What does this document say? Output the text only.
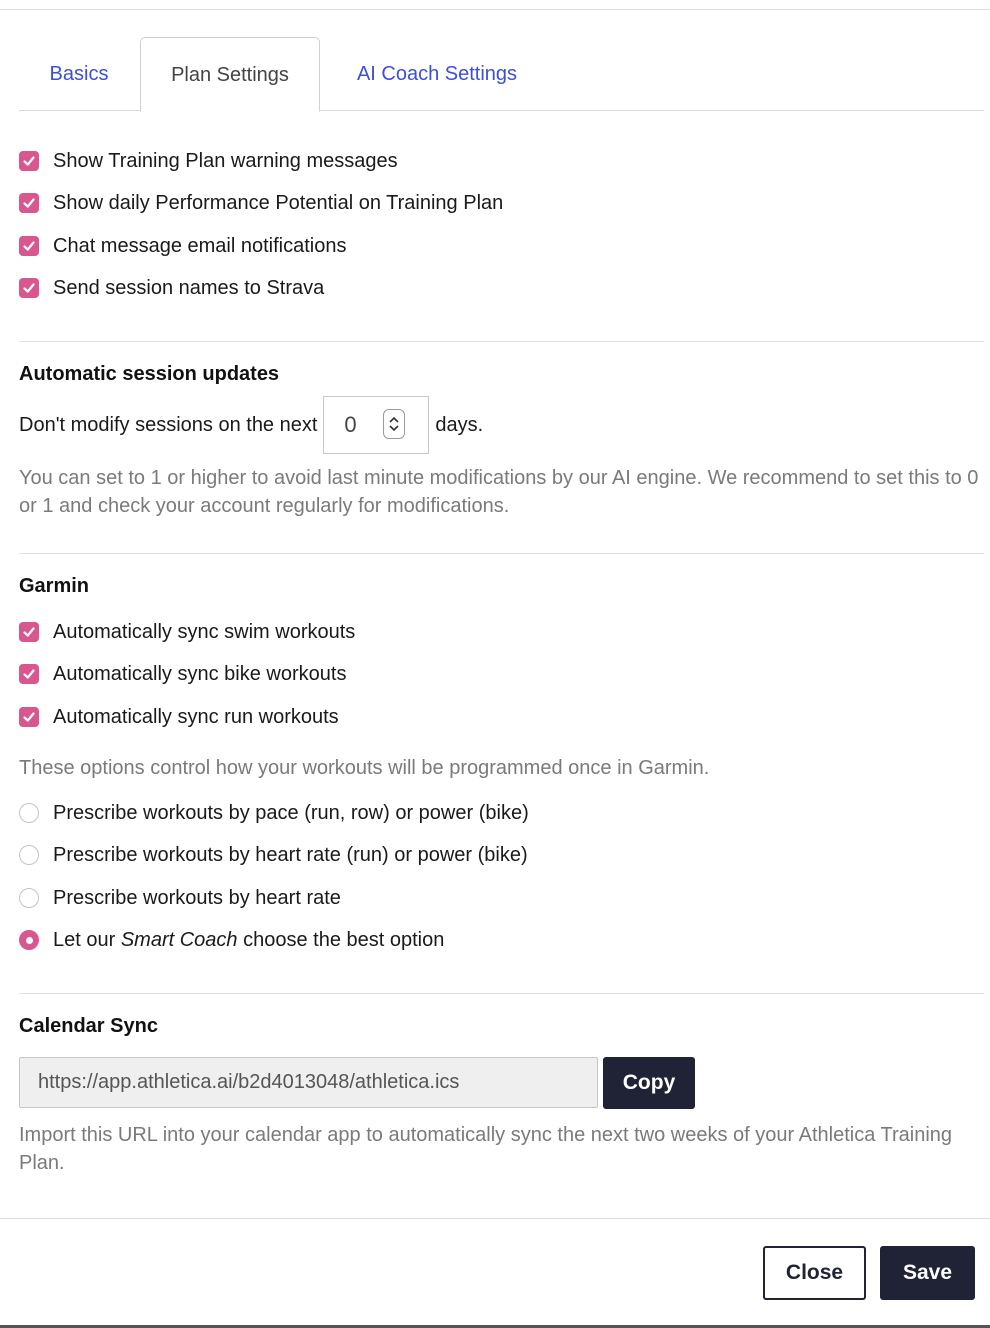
Basics	Plan Settings	AI Coach Settings
Show Training Plan warning messages
Show daily Performance Potential on Training Plan
Chat message email notifications
Send session names to Strava
Automatic session updates
Don't modify sessions on the next 0	days.
You can set to 1 or higher to avoid last minute modifications by our AI engine. We recommend to set this to 0 or 1 and check your account regularly for modifications.
Garmin
Automatically sync swim workouts
Automatically sync bike workouts
Automatically sync run workouts
These options control how your workouts will be programmed once in Garmin.
Prescribe workouts by pace (run, row) or power (bike)
Prescribe workouts by heart rate (run) or power (bike)
Prescribe workouts by heart rate
Let our Smart Coach choose the best option
Calendar Sync
https://app.athletica.ai/b2d4013048/athletica.ics	Copy
Import this URL into your calendar app to automatically sync the next two weeks of your Athletica Training Plan.
Close	Save
